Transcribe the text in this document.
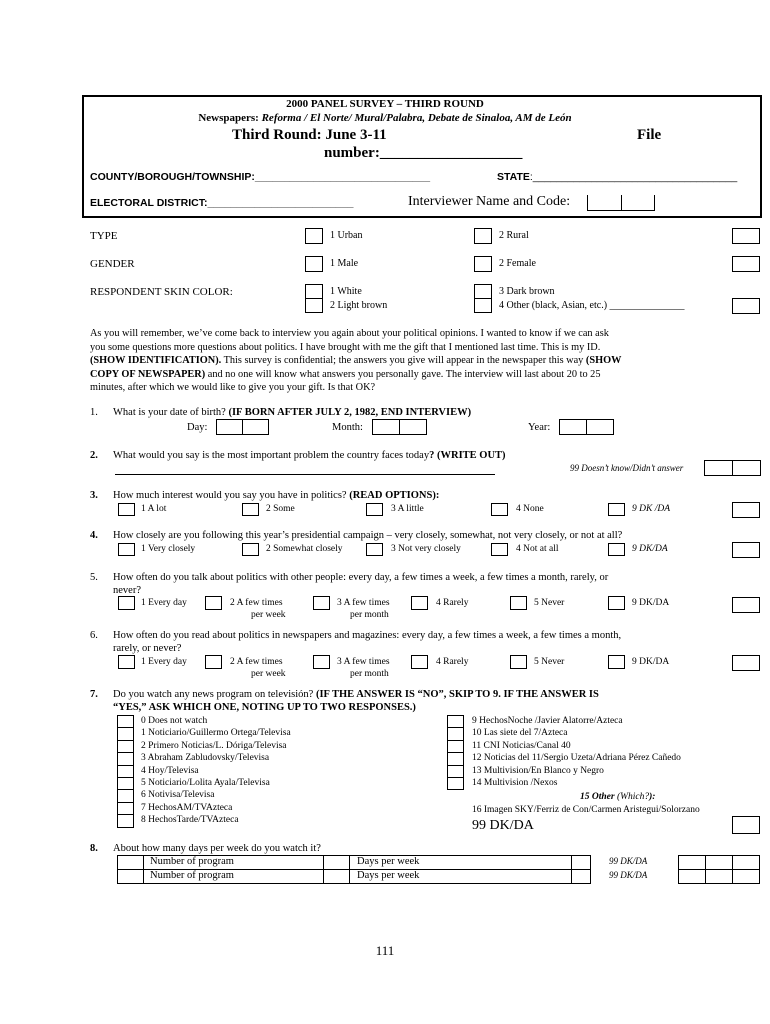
2000 PANEL SURVEY – THIRD ROUND
Newspapers: Reforma / El Norte/ Mural/Palabra, Debate de Sinaloa, AM de León
Third Round: June 3-11	File
number:___________________
COUNTY/BOROUGH/TOWNSHIP:______________________________	STATE:___________________________________
ELECTORAL DISTRICT:_________________________	Interviewer Name and Code:
TYPE	1 Urban	2 Rural
GENDER	1 Male	2 Female
RESPONDENT SKIN COLOR:	1 White
2 Light brown
3 Dark brown
4 Other (black, Asian, etc.) _______________
As you will remember, we’ve come back to interview you again about your political opinions. I wanted to know if we can ask
you some questions more questions about politics. I have brought with me the gift that I mentioned last time. This is my ID.
(SHOW IDENTIFICATION). This survey is confidential; the answers you give will appear in the newspaper this way (SHOW
COPY OF NEWSPAPER) and no one will know what answers you personally gave. The interview will last about 20 to 25
minutes, after which we would like to give you your gift. Is that OK?
1. What is your date of birth? (IF BORN AFTER JULY 2, 1982, END INTERVIEW)
Day:	Month:	Year:
2. What would you say is the most important problem the country faces today? (WRITE OUT)
99 Doesn’t know/Didn’t answer
3. How much interest would you say you have in politics? (READ OPTIONS):
1 A lot	2 Some	3 A little	4 None	9 DK /DA
4. How closely are you following this year’s presidential campaign – very closely, somewhat, not very closely, or not at all?
1 Very closely	2 Somewhat closely	3 Not very closely	4 Not at all	9 DK/DA
5. How often do you talk about politics with other people: every day, a few times a week, a few times a month, rarely, or
never?
1 Every day	2 A few times
per week
3 A few times
per month
4 Rarely	5 Never	9 DK/DA
6. How often do you read about politics in newspapers and magazines: every day, a few times a week, a few times a month,
rarely, or never?
1 Every day	2 A few times
per week
3 A few times
per month
4 Rarely	5 Never	9 DK/DA
7. Do you watch any news program on televisión? (IF THE ANSWER IS “NO”, SKIP TO 9. IF THE ANSWER IS
“YES,” ASK WHICH ONE, NOTING UP TO TWO RESPONSES.)
0 Does not watch
1 Noticiario/Guillermo Ortega/Televisa
2 Primero Noticias/L. Dóriga/Televisa
3 Abraham Zabludovsky/Televisa
4 Hoy/Televisa
5 Noticiario/Lolita Ayala/Televisa
6 Notivisa/Televisa
7 HechosAM/TVAzteca
8 HechosTarde/TVAzteca
9 HechosNoche /Javier Alatorre/Azteca
10 Las siete del 7/Azteca
11 CNI Noticias/Canal 40
12 Noticias del 11/Sergio Uzeta/Adriana Pérez Cañedo
13 Multivision/En Blanco y Negro
14 Multivision /Nexos
15 Other (Which?):
16 Imagen SKY/Ferriz de Con/Carmen Aristegui/Solorzano
99 DK/DA
8. About how many days per week do you watch it?
Number of program	Days per week	99 DK/DA
Number of program	Days per week	99 DK/DA
111
